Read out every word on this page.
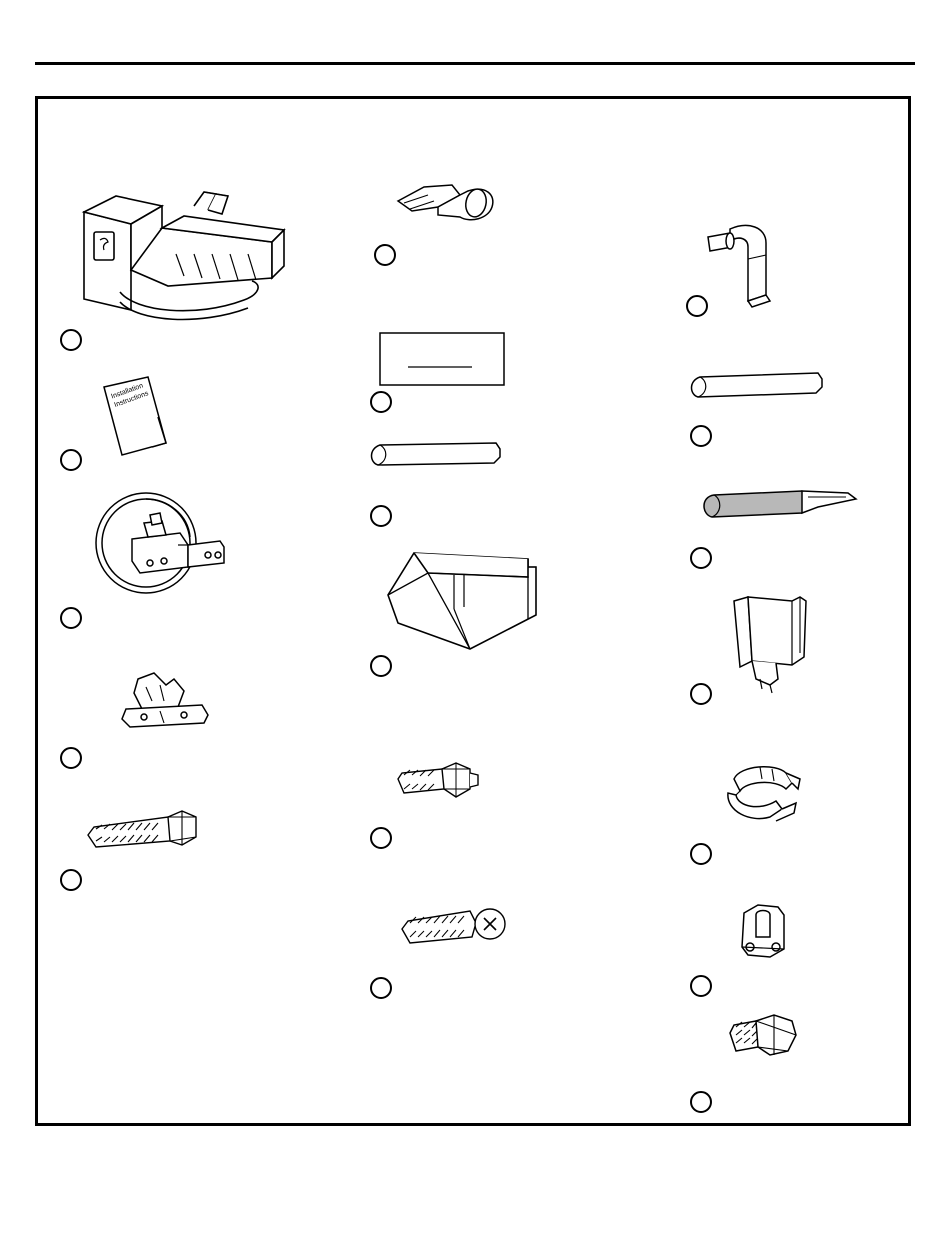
Installation
Instructions
